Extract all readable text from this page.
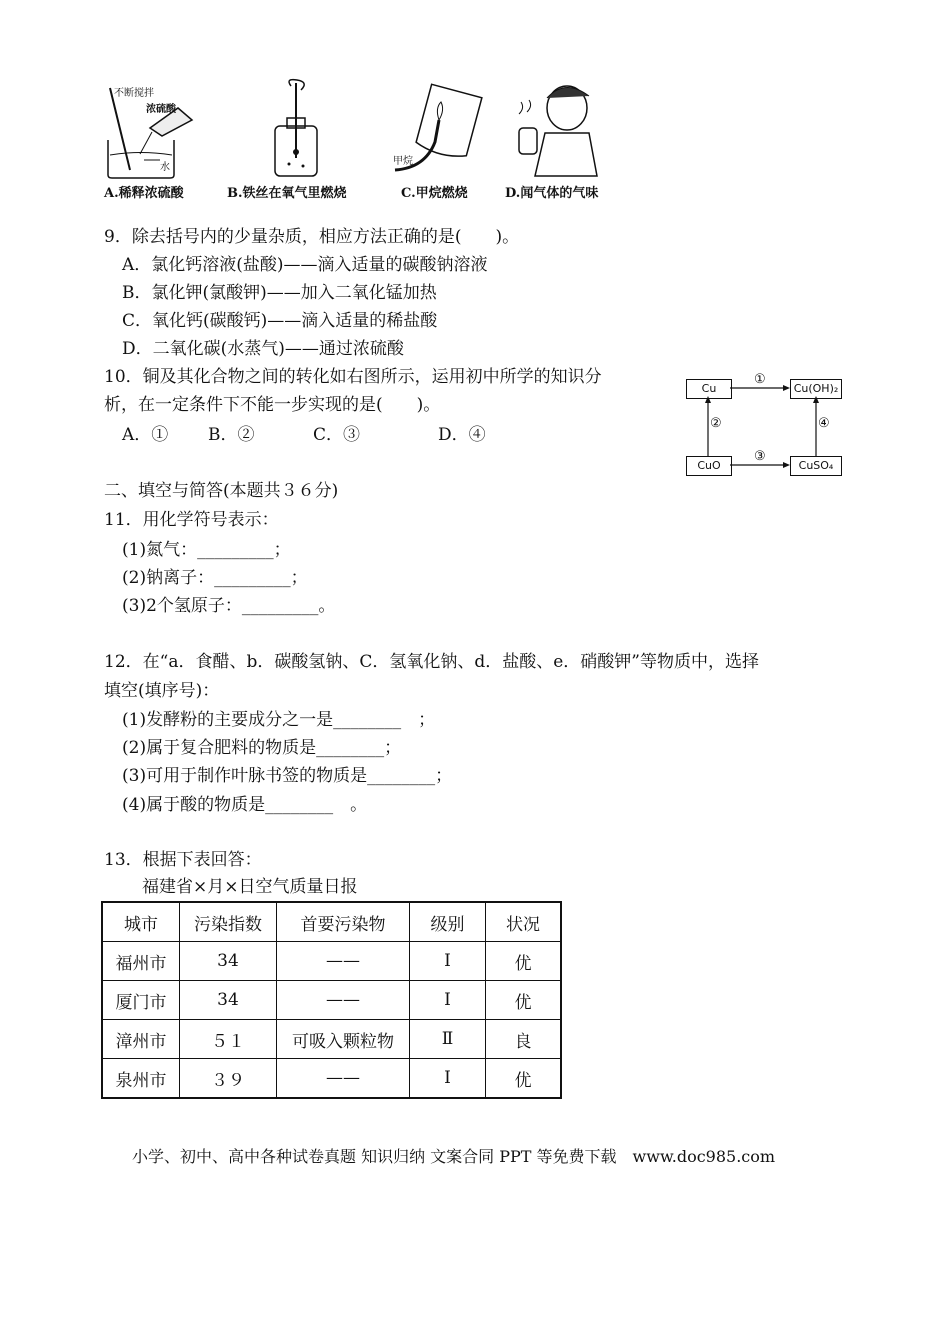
不断搅拌
浓硫酸
水
A.稀释浓硫酸	B.铁丝在氧气里燃烧
甲烷
C.甲烷燃烧	D.闻气体的气味
9．除去括号内的少量杂质，相应方法正确的是(　　)。
A．氯化钙溶液(盐酸)——滴入适量的碳酸钠溶液
B．氯化钾(氯酸钾)——加入二氧化锰加热
C．氧化钙(碳酸钙)——滴入适量的稀盐酸
D．二氧化碳(水蒸气)——通过浓硫酸
10．铜及其化合物之间的转化如右图所示，运用初中所学的知识分
析，在一定条件下不能一步实现的是(　　)。
A．① B．②	C．③	D．④
Cu	Cu(OH)₂
CuO	CuSO₄
①
②
③
④
二、填空与简答(本题共３６分)
11．用化学符号表示：
(1)氮气：_________；
(2)钠离子：_________；
(3)2个氢原子：_________。
12．在“a．食醋、b．碳酸氢钠、C．氢氧化钠、d．盐酸、e．硝酸钾”等物质中，选择
填空(填序号)：
(1)发酵粉的主要成分之一是________　；
(2)属于复合肥料的物质是________；
(3)可用于制作叶脉书签的物质是________；
(4)属于酸的物质是________　。
13．根据下表回答：
福建省×月×日空气质量日报
城市	污染指数	首要污染物	级别	状况
福州市	34	——	Ⅰ	优
厦门市	34	——	Ⅰ	优
漳州市	５１	可吸入颗粒物	Ⅱ	良
泉州市	３９	——	Ⅰ	优
小学、初中、高中各种试卷真题 知识归纳 文案合同 PPT 等免费下载　www.doc985.com
